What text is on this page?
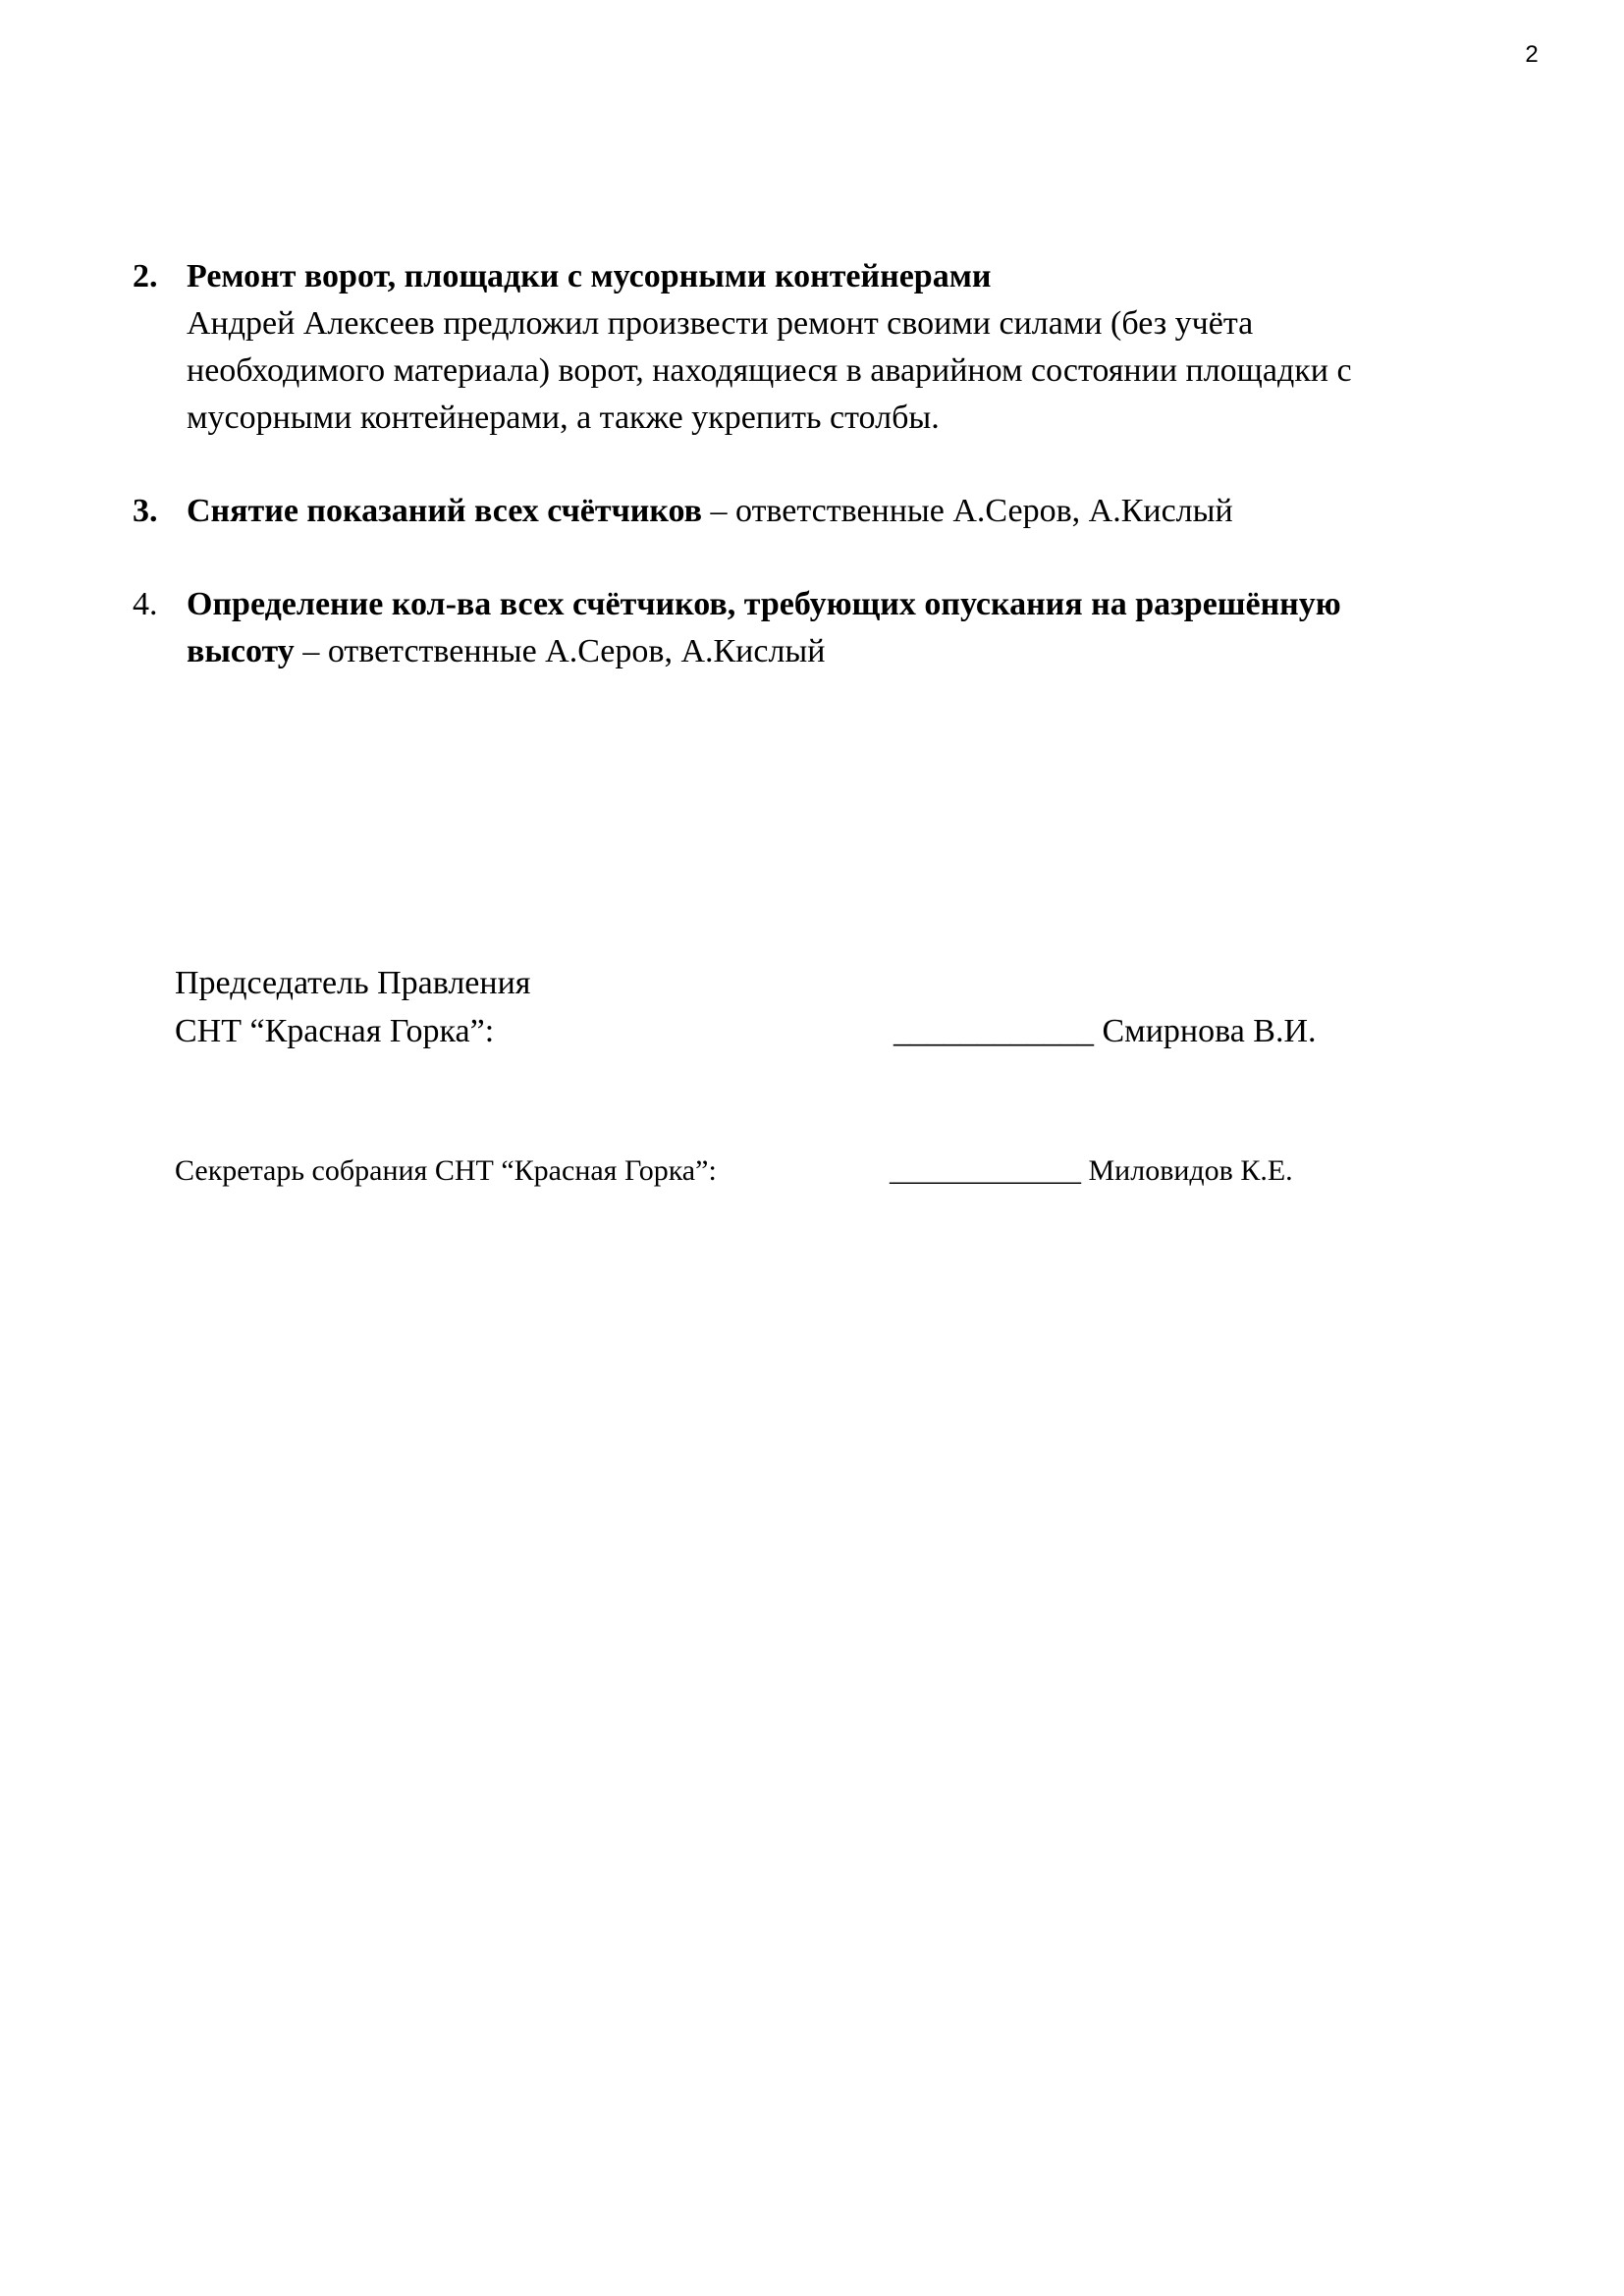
2
2. Ремонт ворот, площадки с мусорными контейнерами
Андрей Алексеев предложил произвести ремонт своими силами (без учёта
необходимого материала) ворот, находящиеся в аварийном состоянии площадки с
мусорными контейнерами, а также укрепить столбы.
3. Снятие показаний всех счётчиков – ответственные А.Серов, А.Кислый
4. Определение кол-ва всех счётчиков, требующих опускания на разрешённую
высоту – ответственные А.Серов, А.Кислый
Председатель Правления
СНТ “Красная Горка”:	____________ Смирнова В.И.
Секретарь собрания СНТ “Красная Горка”:	_____________ Миловидов К.Е.
